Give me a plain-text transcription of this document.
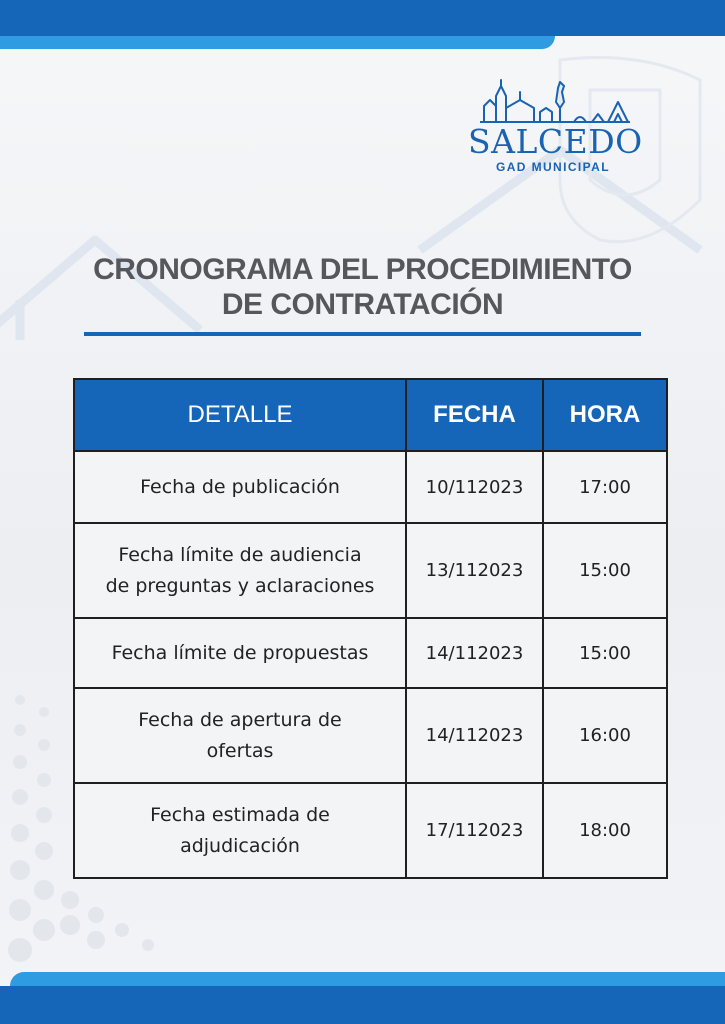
SALCEDO
GAD MUNICIPAL
CRONOGRAMA DEL PROCEDIMIENTO
DE CONTRATACIÓN
DETALLE	FECHA	HORA

Fecha de publicación	10/112023	17:00

Fecha límite de audiencia
de preguntas y aclaraciones	13/112023	15:00

Fecha límite de propuestas	14/112023	15:00

Fecha de apertura de
ofertas	14/112023	16:00

Fecha estimada de
adjudicación	17/112023	18:00
